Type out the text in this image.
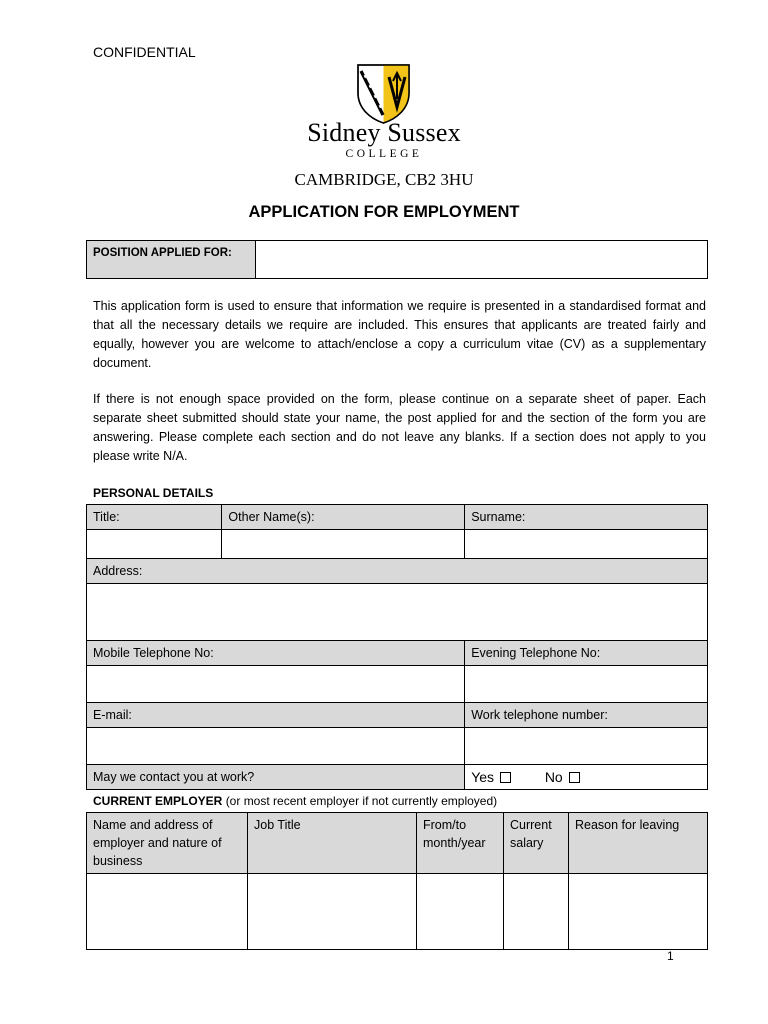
CONFIDENTIAL
Sidney Sussex
COLLEGE
CAMBRIDGE, CB2 3HU
APPLICATION FOR EMPLOYMENT
POSITION APPLIED FOR:	
This application form is used to ensure that information we require is presented in a standardised format and that all the necessary details we require are included. This ensures that applicants are treated fairly and equally, however you are welcome to attach/enclose a copy a curriculum vitae (CV) as a supplementary document.
If there is not enough space provided on the form, please continue on a separate sheet of paper. Each separate sheet submitted should state your name, the post applied for and the section of the form you are answering. Please complete each section and do not leave any blanks. If a section does not apply to you please write N/A.
PERSONAL DETAILS
Title:	Other Name(s):	Surname:

Address:		

Mobile Telephone No:		Evening Telephone No:

E-mail:		Work telephone number:

May we contact you at work?		Yes No
CURRENT EMPLOYER (or most recent employer if not currently employed)
Name and address of employer and nature of business	Job Title	From/to month/year	Current salary	Reason for leaving

1
